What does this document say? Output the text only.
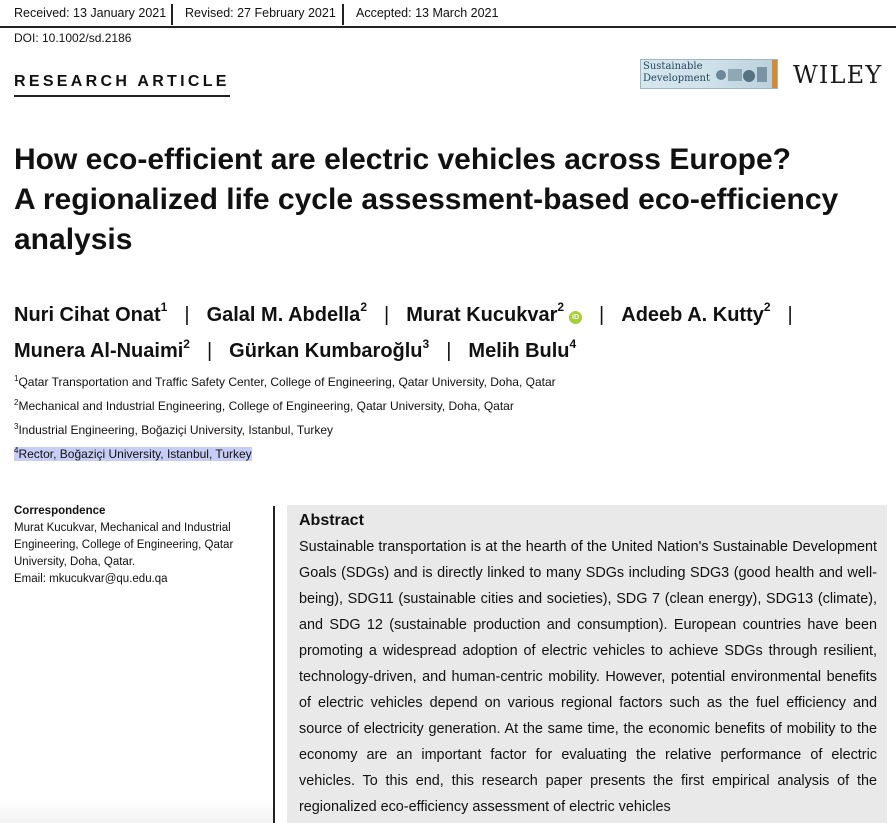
Received: 13 January 2021 Revised: 27 February 2021 Accepted: 13 March 2021
DOI: 10.1002/sd.2186
RESEARCH ARTICLE
Sustainable
Development	WILEY
How eco-efficient are electric vehicles across Europe?
A regionalized life cycle assessment-based eco-efficiency
analysis
Nuri Cihat Onat$^1$ | Galal M. Abdella$^2$ | Murat Kucukvar$^2$iD | Adeeb A. Kutty$^2$ |
Munera Al-Nuaimi$^2$ | Gürkan Kumbaroğlu$^3$ | Melih Bulu$^4$
$^1$Qatar Transportation and Traffic Safety Center, College of Engineering, Qatar University, Doha, Qatar
$^2$Mechanical and Industrial Engineering, College of Engineering, Qatar University, Doha, Qatar
$^3$Industrial Engineering, Boğaziçi University, Istanbul, Turkey
$^4$Rector, Boğaziçi University, Istanbul, Turkey
Correspondence
Murat Kucukvar, Mechanical and Industrial
Engineering, College of Engineering, Qatar
University, Doha, Qatar.
Email: mkucukvar@qu.edu.qa
Abstract

Sustainable transportation is at the hearth of the United Nation's Sustainable Development Goals (SDGs) and is directly linked to many SDGs including SDG3 (good health and well-being), SDG11 (sustainable cities and societies), SDG 7 (clean energy), SDG13 (climate), and SDG 12 (sustainable production and consumption). European countries have been promoting a widespread adoption of electric vehicles to achieve SDGs through resilient, technology-driven, and human-centric mobility. However, potential environmental benefits of electric vehicles depend on various regional factors such as the fuel efficiency and source of electricity generation. At the same time, the economic benefits of mobility to the economy are an important factor for evaluating the relative performance of electric vehicles. To this end, this research paper presents the first empirical analysis of the regionalized eco-efficiency assessment of electric vehicles
